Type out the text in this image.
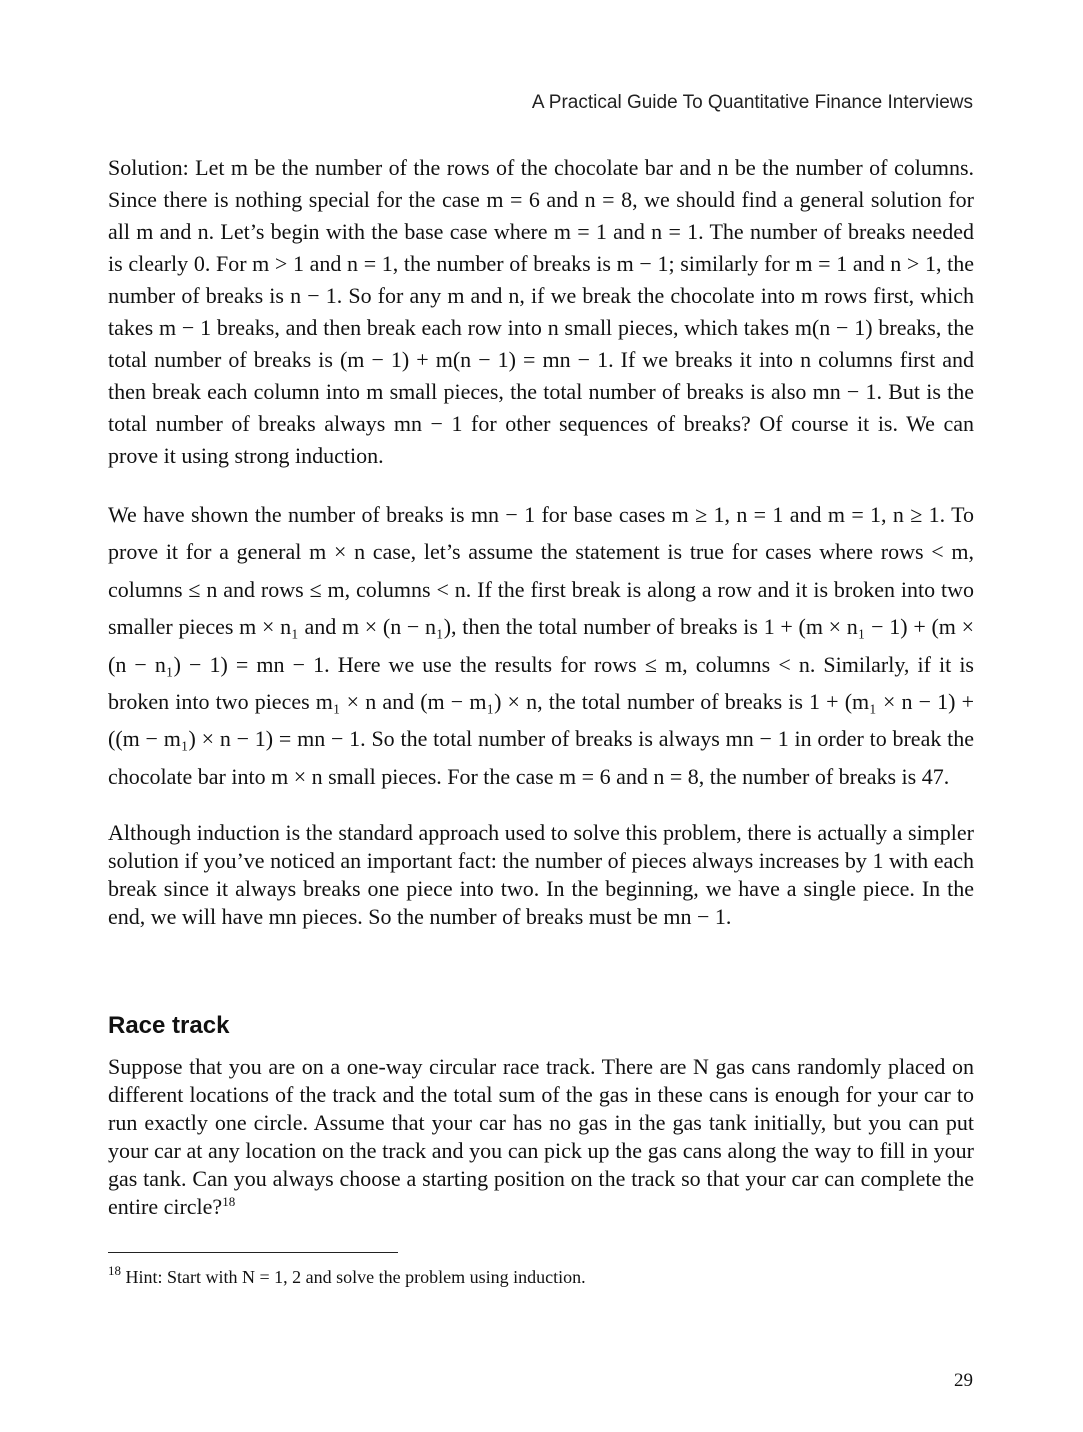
A Practical Guide To Quantitative Finance Interviews

Solution: Let m be the number of the rows of the chocolate bar and n be the number of columns. Since there is nothing special for the case m = 6 and n = 8, we should find a general solution for all m and n. Let’s begin with the base case where m = 1 and n = 1. The number of breaks needed is clearly 0. For m > 1 and n = 1, the number of breaks is m − 1; similarly for m = 1 and n > 1, the number of breaks is n − 1. So for any m and n, if we break the chocolate into m rows first, which takes m − 1 breaks, and then break each row into n small pieces, which takes m(n − 1) breaks, the total number of breaks is (m − 1) + m(n − 1) = mn − 1. If we breaks it into n columns first and then break each column into m small pieces, the total number of breaks is also mn − 1. But is the total number of breaks always mn − 1 for other sequences of breaks? Of course it is. We can prove it using strong induction.

We have shown the number of breaks is mn − 1 for base cases m ≥ 1, n = 1 and m = 1, n ≥ 1. To prove it for a general m × n case, let’s assume the statement is true for cases where rows < m, columns ≤ n and rows ≤ m, columns < n. If the first break is along a row and it is broken into two smaller pieces m × n₁ and m × (n − n₁), then the total number of breaks is 1 + (m × n₁ − 1) + (m × (n − n₁) − 1) = mn − 1. Here we use the results for rows ≤ m, columns < n. Similarly, if it is broken into two pieces m₁ × n and (m − m₁) × n, the total number of breaks is 1 + (m₁ × n − 1) + ((m − m₁) × n − 1) = mn − 1. So the total number of breaks is always mn − 1 in order to break the chocolate bar into m × n small pieces. For the case m = 6 and n = 8, the number of breaks is 47.

Although induction is the standard approach used to solve this problem, there is actually a simpler solution if you’ve noticed an important fact: the number of pieces always increases by 1 with each break since it always breaks one piece into two. In the beginning, we have a single piece. In the end, we will have mn pieces. So the number of breaks must be mn − 1.

Race track

Suppose that you are on a one-way circular race track. There are N gas cans randomly placed on different locations of the track and the total sum of the gas in these cans is enough for your car to run exactly one circle. Assume that your car has no gas in the gas tank initially, but you can put your car at any location on the track and you can pick up the gas cans along the way to fill in your gas tank. Can you always choose a starting position on the track so that your car can complete the entire circle?$^{18}$

$^{18}$ Hint: Start with N = 1, 2 and solve the problem using induction.

29
